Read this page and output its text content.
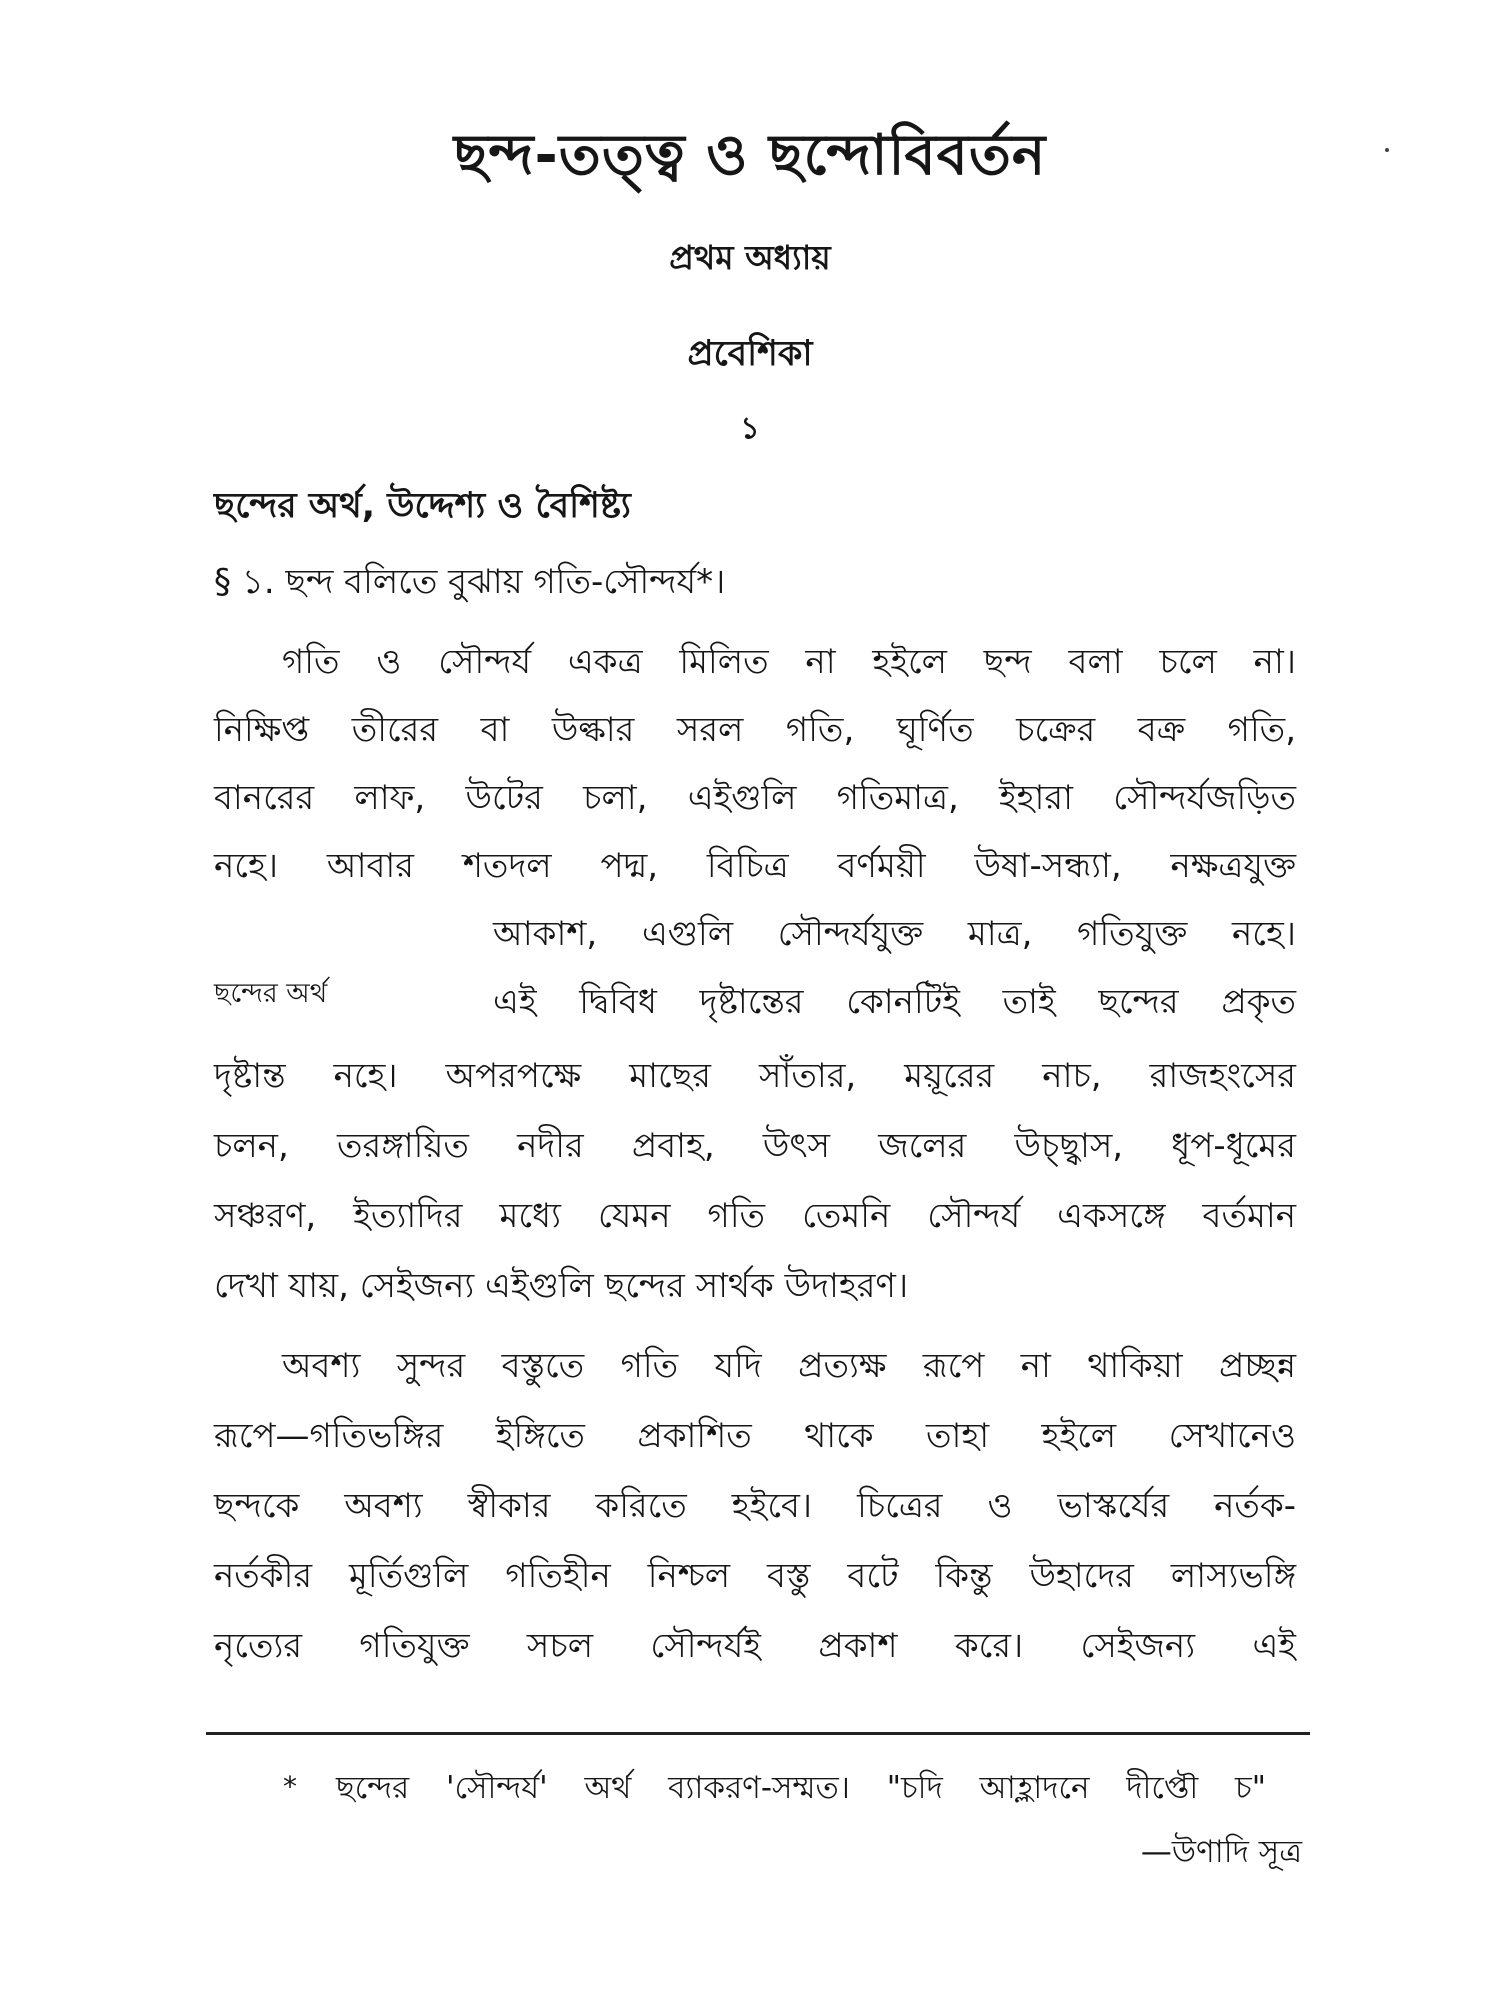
ছন্দ-তত্ত্ব ও ছন্দোবিবর্তন
প্রথম অধ্যায়
প্রবেশিকা
১
ছন্দের অর্থ, উদ্দেশ্য ও বৈশিষ্ট্য
§ ১. ছন্দ বলিতে বুঝায় গতি-সৌন্দর্য*।
গতি ও সৌন্দর্য একত্র মিলিত না হইলে ছন্দ বলা চলে না।
নিক্ষিপ্ত তীরের বা উল্কার সরল গতি, ঘূর্ণিত চক্রের বক্র গতি,
বানরের লাফ, উটের চলা, এইগুলি গতিমাত্র, ইহারা সৌন্দর্যজড়িত
নহে। আবার শতদল পদ্ম, বিচিত্র বর্ণময়ী উষা-সন্ধ্যা, নক্ষত্রযুক্ত
আকাশ, এগুলি সৌন্দর্যযুক্ত মাত্র, গতিযুক্ত নহে।
ছন্দের অর্থ	এই দ্বিবিধ দৃষ্টান্তের কোনটিই তাই ছন্দের প্রকৃত
দৃষ্টান্ত নহে। অপরপক্ষে মাছের সাঁতার, ময়ূরের নাচ, রাজহংসের
চলন, তরঙ্গায়িত নদীর প্রবাহ, উৎস জলের উচ্ছ্বাস, ধূপ-ধূমের
সঞ্চরণ, ইত্যাদির মধ্যে যেমন গতি তেমনি সৌন্দর্য একসঙ্গে বর্তমান
দেখা যায়, সেইজন্য এইগুলি ছন্দের সার্থক উদাহরণ।
অবশ্য সুন্দর বস্তুতে গতি যদি প্রত্যক্ষ রূপে না থাকিয়া প্রচ্ছন্ন
রূপে—গতিভঙ্গির ইঙ্গিতে প্রকাশিত থাকে তাহা হইলে সেখানেও
ছন্দকে অবশ্য স্বীকার করিতে হইবে। চিত্রের ও ভাস্কর্যের নর্তক-
নর্তকীর মূর্তিগুলি গতিহীন নিশ্চল বস্তু বটে কিন্তু উহাদের লাস্যভঙ্গি
নৃত্যের গতিযুক্ত সচল সৌন্দর্যই প্রকাশ করে। সেইজন্য এই
* ছন্দের 'সৌন্দর্য' অর্থ ব্যাকরণ-সম্মত। "চদি আহ্লাদনে দীপ্তৌ চ"
—উণাদি সূত্র
